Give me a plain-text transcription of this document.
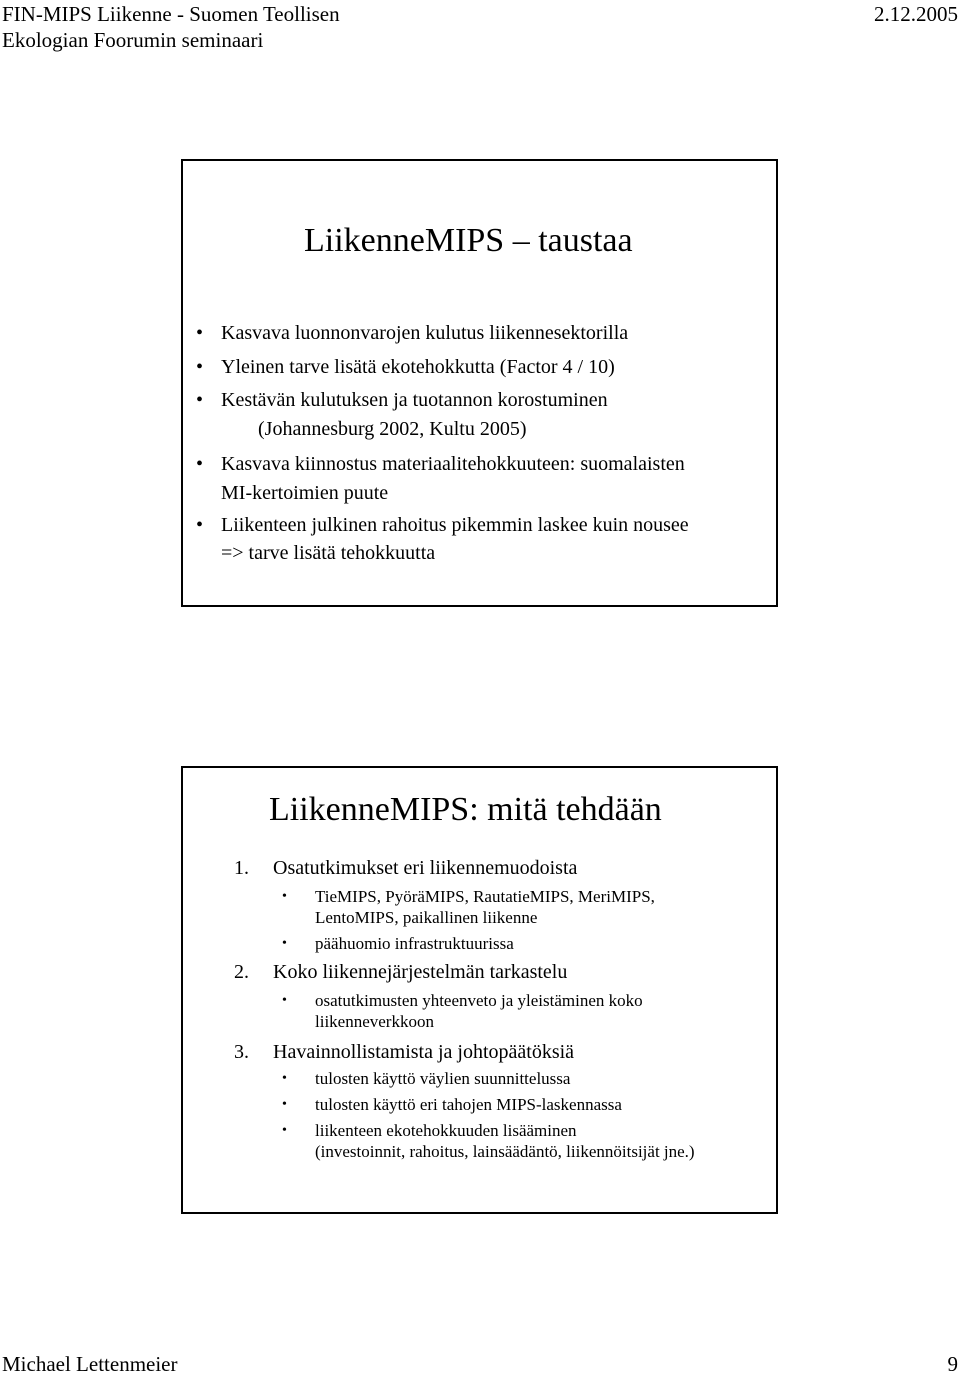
FIN-MIPS Liikenne - Suomen Teollisen
Ekologian Foorumin seminaari
2.12.2005
LiikenneMIPS – taustaa
• Kasvava luonnonvarojen kulutus liikennesektorilla
• Yleinen tarve lisätä ekotehokkutta (Factor 4 / 10)
• Kestävän kulutuksen ja tuotannon korostuminen
(Johannesburg 2002, Kultu 2005)
• Kasvava kiinnostus materiaalitehokkuuteen: suomalaisten
MI-kertoimien puute
• Liikenteen julkinen rahoitus pikemmin laskee kuin nousee
=> tarve lisätä tehokkuutta
LiikenneMIPS: mitä tehdään
1. Osatutkimukset eri liikennemuodoista
• TieMIPS, PyöräMIPS, RautatieMIPS, MeriMIPS,
LentoMIPS, paikallinen liikenne
• päähuomio infrastruktuurissa
2. Koko liikennejärjestelmän tarkastelu
• osatutkimusten yhteenveto ja yleistäminen koko
liikenneverkkoon
3. Havainnollistamista ja johtopäätöksiä
• tulosten käyttö väylien suunnittelussa
• tulosten käyttö eri tahojen MIPS-laskennassa
• liikenteen ekotehokkuuden lisääminen
(investoinnit, rahoitus, lainsäädäntö, liikennöitsijät jne.)
Michael Lettenmeier	9
